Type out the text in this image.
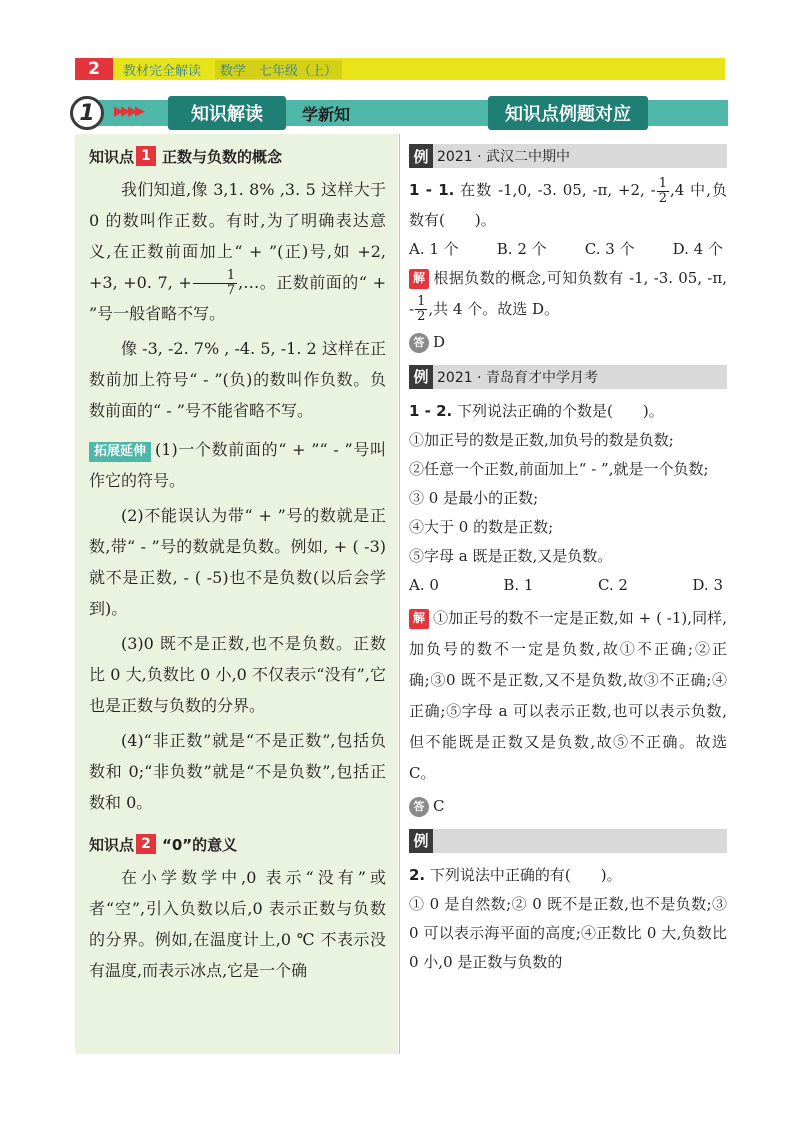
2	教材完全解读	数学　七年级（上）
1	▶▶▶▶	知识解读	学新知	知识点例题对应
知识点 1 正数与负数的概念

我们知道,像 3,1. 8% ,3. 5 这样大于 0 的数叫作正数。有时,为了明确表达意义,在正数前面加上“ + ”(正)号,如 +2, +3, +0. 7, + $\frac{1}{7}$ ,…。正数前面的“ + ”号一般省略不写。

像 -3, -2. 7% , -4. 5, -1. 2 这样在正数前加上符号“ - ”(负)的数叫作负数。负数前面的“ - ”号不能省略不写。

拓展延伸 (1)一个数前面的“ + ”“ - ”号叫作它的符号。

(2)不能误认为带“ + ”号的数就是正数,带“ - ”号的数就是负数。例如, + ( -3)就不是正数, - ( -5)也不是负数(以后会学到)。

(3)0 既不是正数,也不是负数。正数比 0 大,负数比 0 小,0 不仅表示“没有”,它也是正数与负数的分界。

(4)“非正数”就是“不是正数”,包括负数和 0;“非负数”就是“不是负数”,包括正数和 0。

知识点 2 “0”的意义

在小学数学中,0 表示“没有”或者“空”,引入负数以后,0 表示正数与负数的分界。例如,在温度计上,0 ℃ 不表示没有温度,而表示冰点,它是一个确

例 2021 · 武汉二中期中

1 - 1. 在数 -1,0, -3. 05, -π, +2, - $\frac{1}{2} ,4$ 中,负数有(　　)。

A. 1 个	B. 2 个	C. 3 个	D. 4 个

解 根据负数的概念,可知负数有 -1, -3. 05, -π, - $\frac{1}{2}$ ,共 4 个。故选 D。

答 D

例 2021 · 青岛育才中学月考

1 - 2. 下列说法正确的个数是(　　)。

①加正号的数是正数,加负号的数是负数;

②任意一个正数,前面加上“ - ”,就是一个负数;

③ 0 是最小的正数;

④大于 0 的数是正数;

⑤字母 a 既是正数,又是负数。

A. 0	B. 1	C. 2	D. 3

解 ①加正号的数不一定是正数,如 + ( -1),同样,加负号的数不一定是负数,故①不正确;②正确;③0 既不是正数,又不是负数,故③不正确;④正确;⑤字母 a 可以表示正数,也可以表示负数,但不能既是正数又是负数,故⑤不正确。故选 C。

答 C

例

2. 下列说法中正确的有(　　)。

① 0 是自然数;② 0 既不是正数,也不是负数;③ 0 可以表示海平面的高度;④正数比 0 大,负数比 0 小,0 是正数与负数的
